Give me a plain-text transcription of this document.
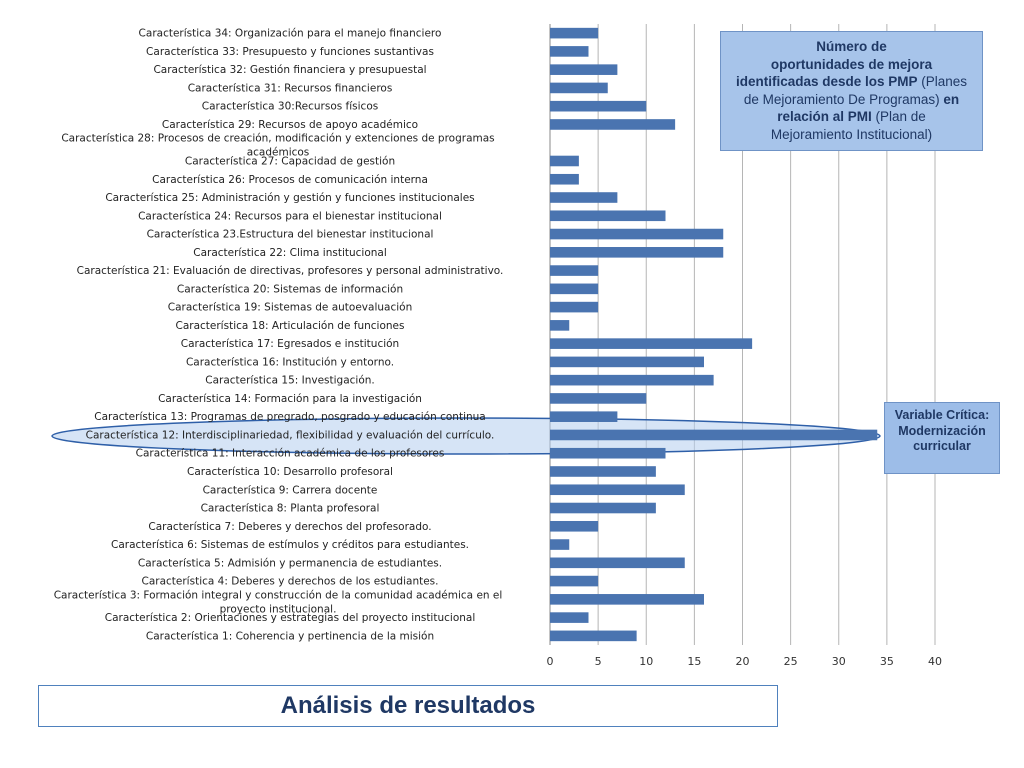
Característica 34: Organización para el manejo financiero
Característica 33: Presupuesto y funciones sustantivas
Característica 32: Gestión financiera y presupuestal
Característica 31: Recursos financieros
Característica 30:Recursos físicos
Característica 29: Recursos de apoyo académico
Característica 28: Procesos de creación, modificación y extenciones de programas académicos
Característica 27: Capacidad de gestión
Característica 26: Procesos de comunicación interna
Característica 25: Administración y gestión y funciones institucionales
Característica 24: Recursos para el bienestar institucional
Característica 23.Estructura del bienestar institucional
Característica 22: Clima institucional
Característica 21: Evaluación de directivas, profesores y personal administrativo.
Característica 20: Sistemas de información
Característica 19: Sistemas de autoevaluación
Característica 18: Articulación de funciones
Característica 17: Egresados e institución
Característica 16: Institución y entorno.
Característica 15: Investigación.
Característica 14: Formación para la investigación
Característica 13: Programas de pregrado, posgrado y educación continua
Característica 12: Interdisciplinariedad, flexibilidad y evaluación del currículo.
Característica 11: Interacción académica de los profesores
Característica 10: Desarrollo profesoral
Característica 9: Carrera docente
Característica 8: Planta profesoral
Característica 7: Deberes y derechos del profesorado.
Característica 6: Sistemas de estímulos y créditos para estudiantes.
Característica 5: Admisión y permanencia de estudiantes.
Característica 4: Deberes y derechos de los estudiantes.
Característica 3: Formación integral y construcción de la comunidad académica en el proyecto institucional.
Característica 2: Orientaciones y estrategias del proyecto institucional
Característica 1: Coherencia y pertinencia de la misión
0	5	10	15	20	25	30	35	40
Número de
oportunidades de mejora
identificadas desde los PMP (Planes
de Mejoramiento De Programas) en
relación al PMI (Plan de
Mejoramiento Institucional)
Variable Crítica:
Modernización
curricular
Análisis de resultados
